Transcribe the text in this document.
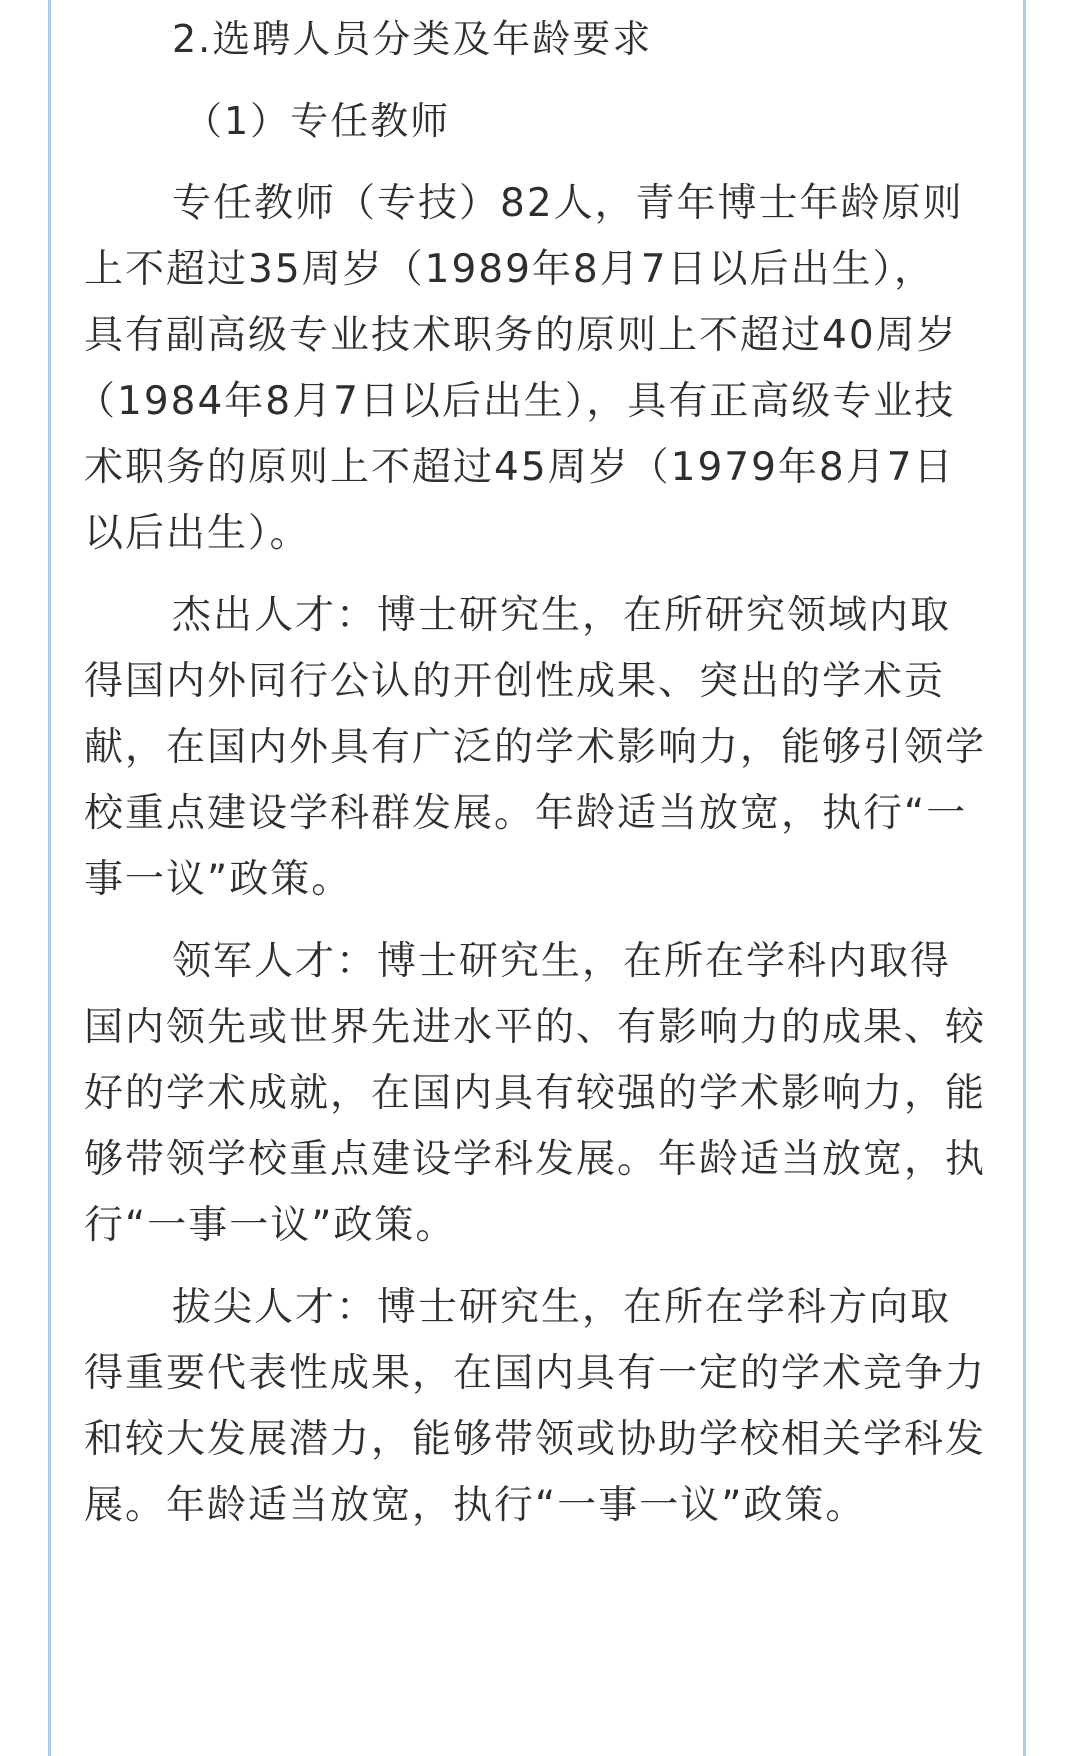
2.选聘人员分类及年龄要求
（1）专任教师
专任教师（专技）82人，青年博士年龄原则
上不超过35周岁（1989年8月7日以后出生），
具有副高级专业技术职务的原则上不超过40周岁
（1984年8月7日以后出生），具有正高级专业技
术职务的原则上不超过45周岁（1979年8月7日
以后出生）。
杰出人才：博士研究生，在所研究领域内取
得国内外同行公认的开创性成果、突出的学术贡
献，在国内外具有广泛的学术影响力，能够引领学
校重点建设学科群发展。年龄适当放宽，执行“一
事一议”政策。
领军人才：博士研究生，在所在学科内取得
国内领先或世界先进水平的、有影响力的成果、较
好的学术成就，在国内具有较强的学术影响力，能
够带领学校重点建设学科发展。年龄适当放宽，执
行“一事一议”政策。
拔尖人才：博士研究生，在所在学科方向取
得重要代表性成果，在国内具有一定的学术竞争力
和较大发展潜力，能够带领或协助学校相关学科发
展。年龄适当放宽，执行“一事一议”政策。
